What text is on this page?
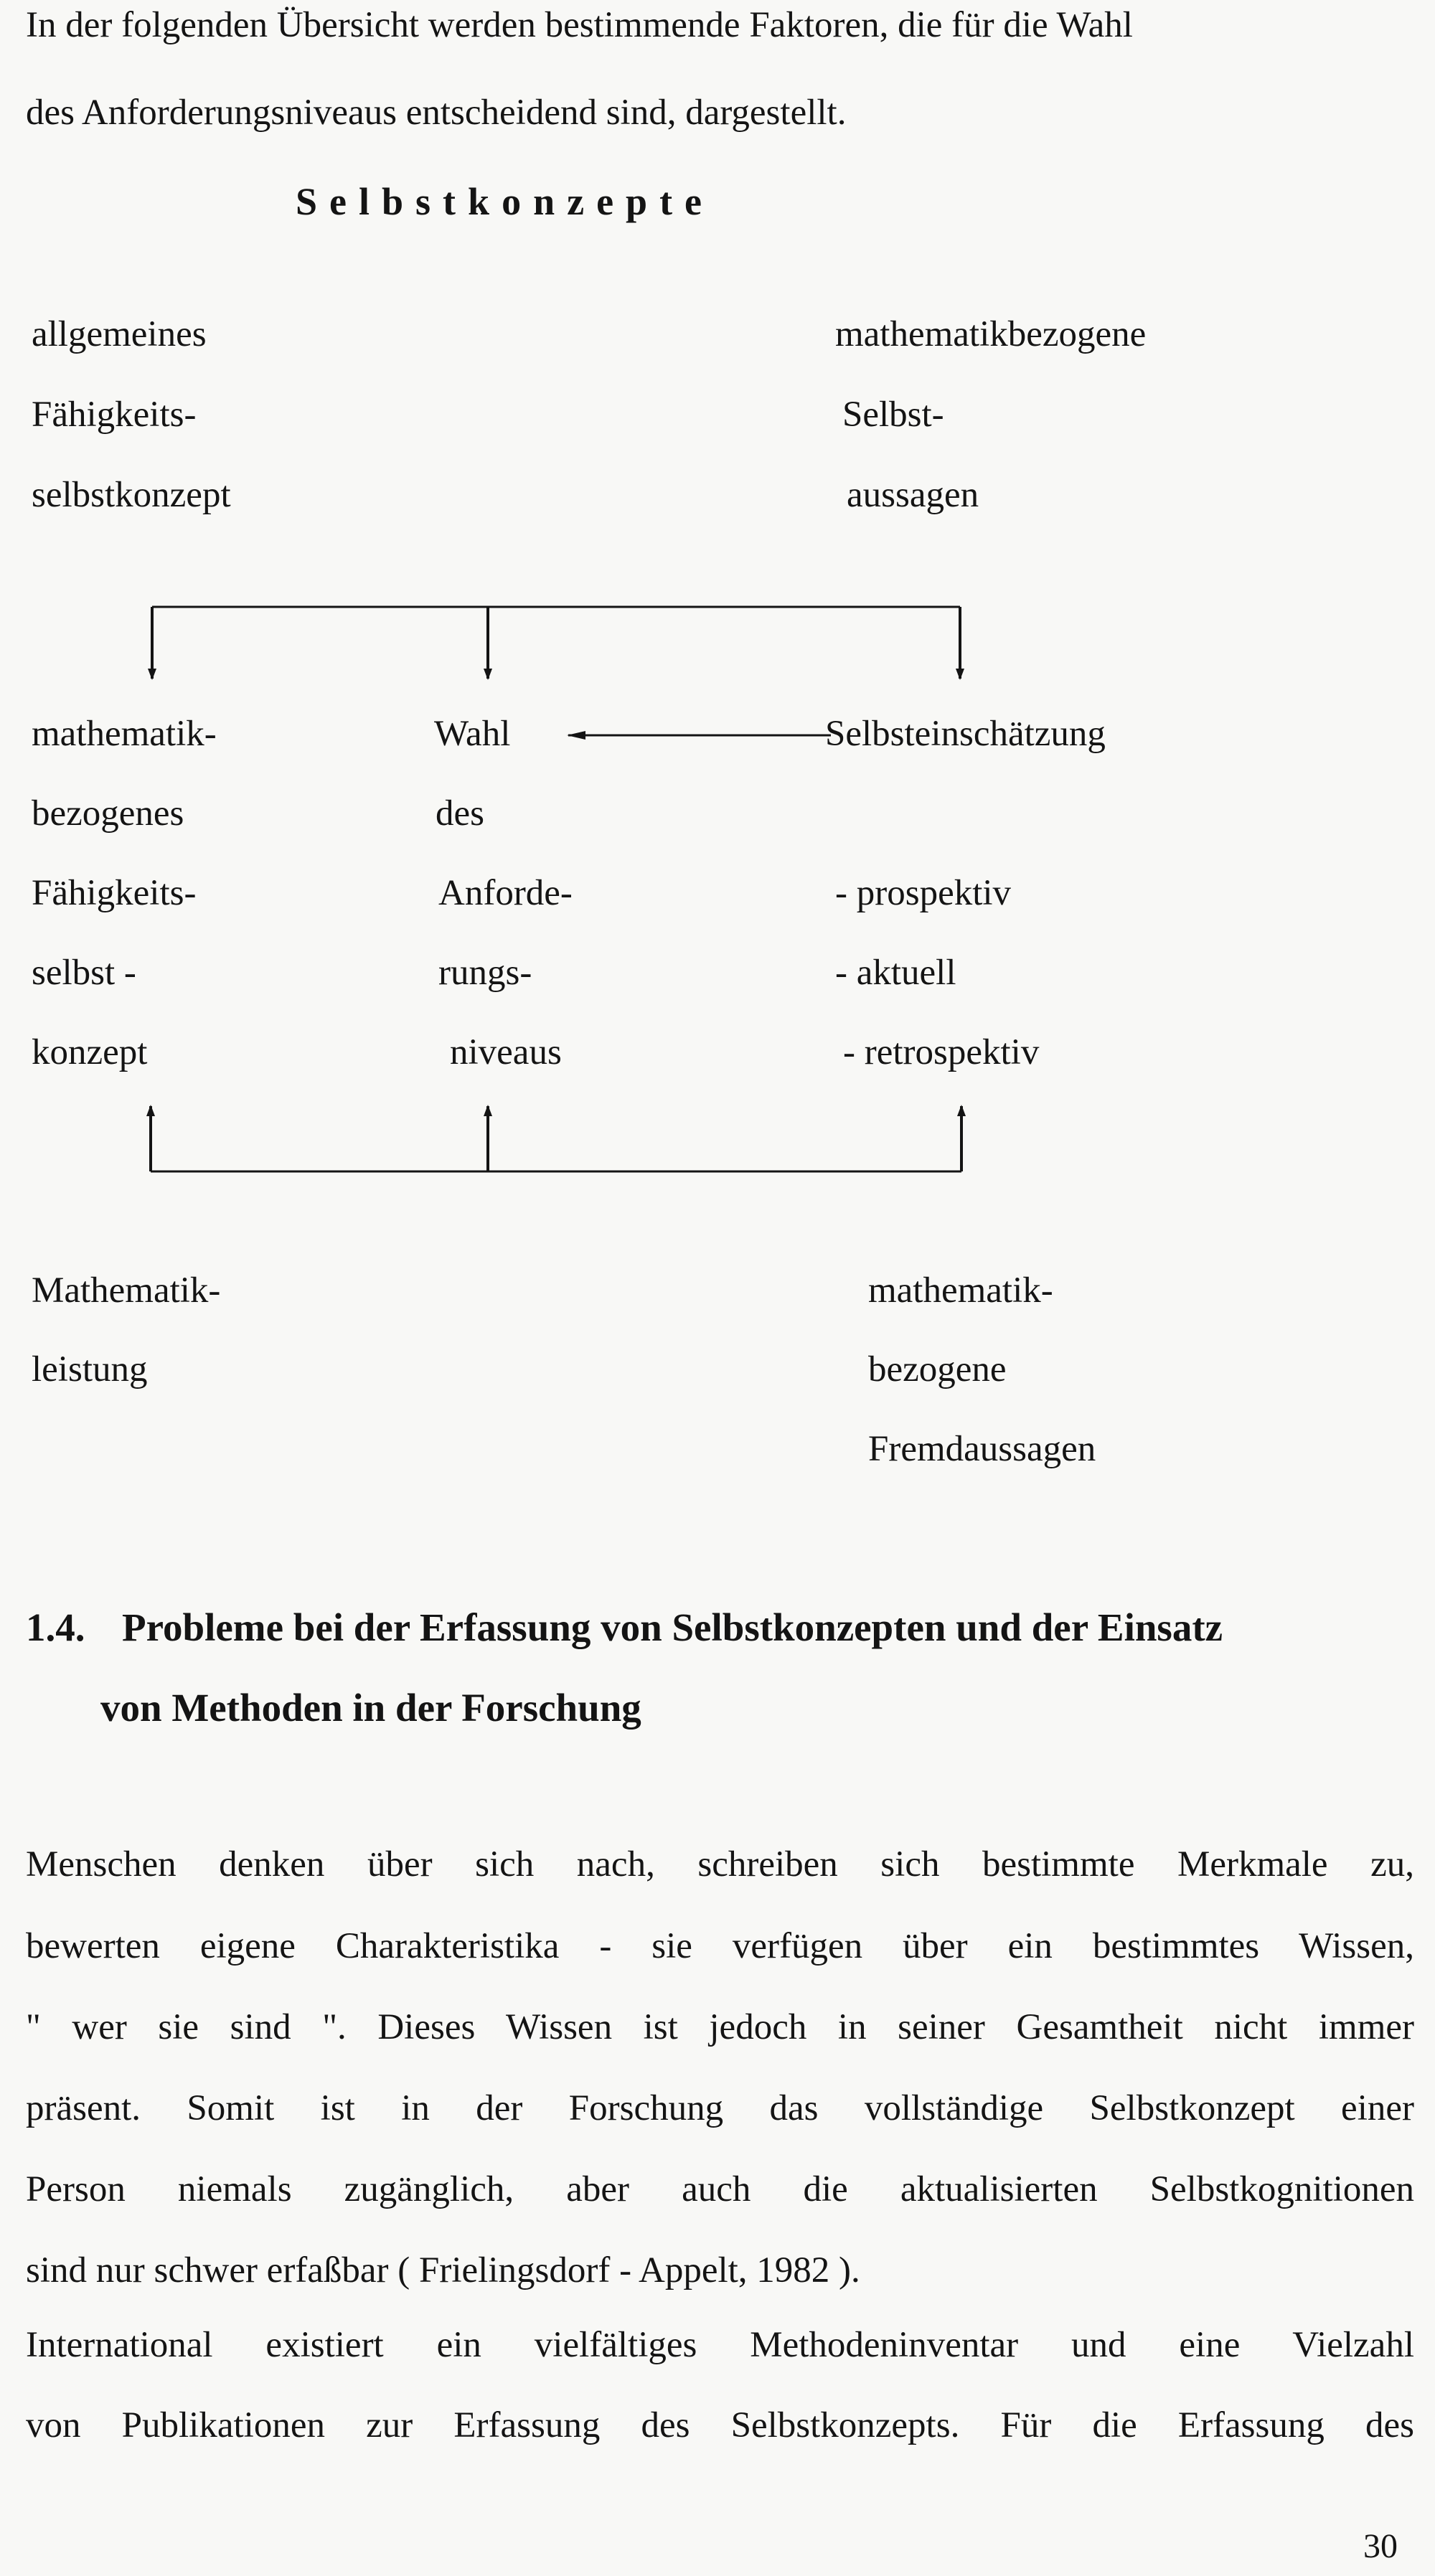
In der folgenden Übersicht werden bestimmende Faktoren, die für die Wahl
des Anforderungsniveaus entscheidend sind, dargestellt.
Selbstkonzepte
allgemeines
Fähigkeits-
selbstkonzept
mathematikbezogene
Selbst-
aussagen
mathematik-
bezogenes
Fähigkeits-
selbst -
konzept
Wahl
des
Anforde-
rungs-
niveaus
Selbsteinschätzung
- prospektiv
- aktuell
- retrospektiv
Mathematik-
leistung
mathematik-
bezogene
Fremdaussagen
1.4. Probleme bei der Erfassung von Selbstkonzepten und der Einsatz
von Methoden in der Forschung
Menschen denken über sich nach, schreiben sich bestimmte Merkmale zu,
bewerten eigene Charakteristika - sie verfügen über ein bestimmtes Wissen,
" wer sie sind ". Dieses Wissen ist jedoch in seiner Gesamtheit nicht immer
präsent. Somit ist in der Forschung das vollständige Selbstkonzept einer
Person niemals zugänglich, aber auch die aktualisierten Selbstkognitionen
sind nur schwer erfaßbar ( Frielingsdorf - Appelt, 1982 ).
International existiert ein vielfältiges Methodeninventar und eine Vielzahl
von Publikationen zur Erfassung des Selbstkonzepts. Für die Erfassung des
30
